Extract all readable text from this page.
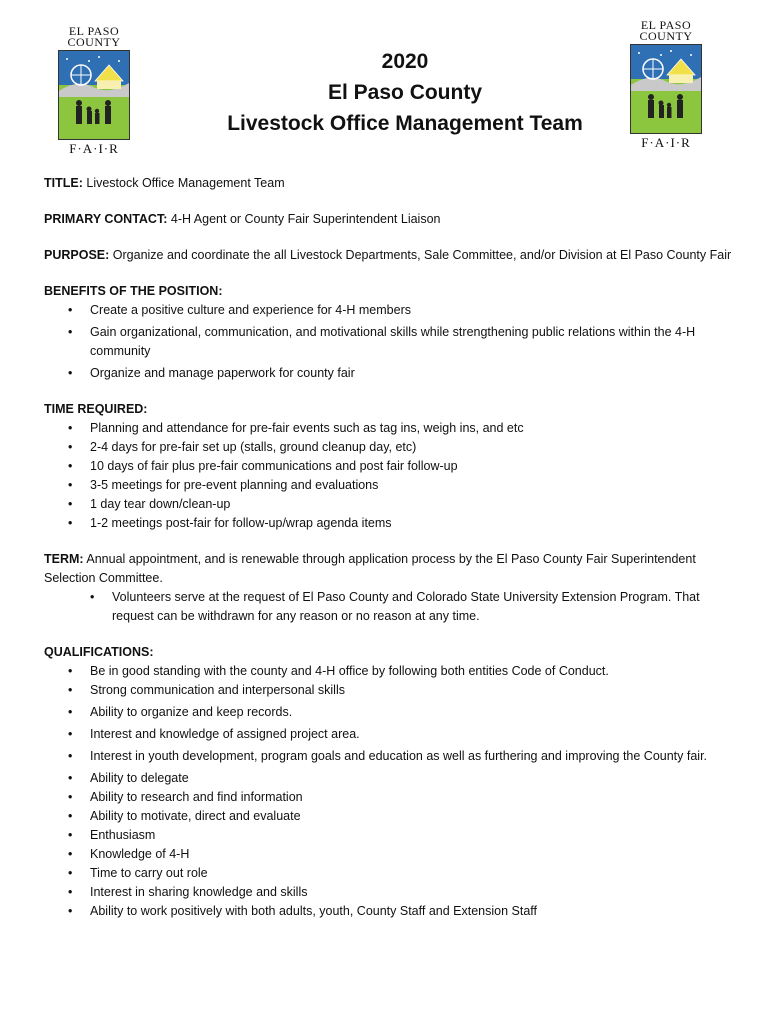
EL PASO
COUNTY
F·A·I·R
EL PASO
COUNTY
F·A·I·R
2020
El Paso County
Livestock Office Management Team

TITLE: Livestock Office Management Team

PRIMARY CONTACT: 4-H Agent or County Fair Superintendent Liaison

PURPOSE: Organize and coordinate the all Livestock Departments, Sale Committee, and/or Division at El Paso County Fair

BENEFITS OF THE POSITION:
• Create a positive culture and experience for 4-H members
• Gain organizational, communication, and motivational skills while strengthening public relations within the 4-H community
• Organize and manage paperwork for county fair
TIME REQUIRED:
• Planning and attendance for pre-fair events such as tag ins, weigh ins, and etc
• 2-4 days for pre-fair set up (stalls, ground cleanup day, etc)
• 10 days of fair plus pre-fair communications and post fair follow-up
• 3-5 meetings for pre-event planning and evaluations
• 1 day tear down/clean-up
• 1-2 meetings post-fair for follow-up/wrap agenda items
TERM: Annual appointment, and is renewable through application process by the El Paso County Fair Superintendent Selection Committee.
• Volunteers serve at the request of El Paso County and Colorado State University Extension Program. That request can be withdrawn for any reason or no reason at any time.
QUALIFICATIONS:
• Be in good standing with the county and 4-H office by following both entities Code of Conduct.
• Strong communication and interpersonal skills
• Ability to organize and keep records.
• Interest and knowledge of assigned project area.
• Interest in youth development, program goals and education as well as furthering and improving the County fair.
• Ability to delegate
• Ability to research and find information
• Ability to motivate, direct and evaluate
• Enthusiasm
• Knowledge of 4-H
• Time to carry out role
• Interest in sharing knowledge and skills
• Ability to work positively with both adults, youth, County Staff and Extension Staff
